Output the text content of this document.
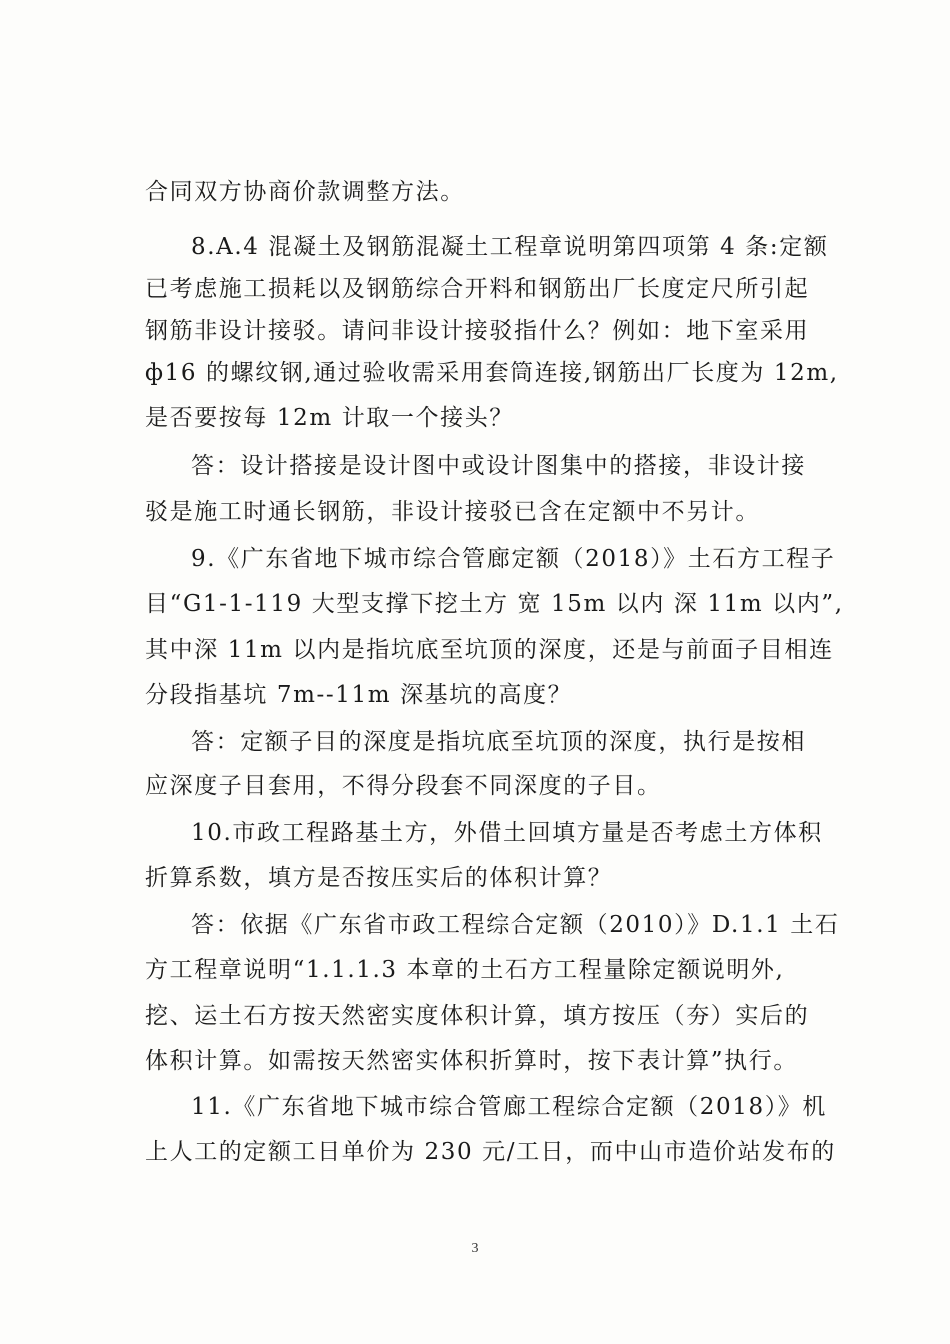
合同双方协商价款调整方法。
8.A.4 混凝土及钢筋混凝土工程章说明第四项第 4 条:定额
已考虑施工损耗以及钢筋综合开料和钢筋出厂长度定尺所引起
钢筋非设计接驳。请问非设计接驳指什么？例如：地下室采用
ф16 的螺纹钢,通过验收需采用套筒连接,钢筋出厂长度为 12m,
是否要按每 12m 计取一个接头？
答：设计搭接是设计图中或设计图集中的搭接，非设计接
驳是施工时通长钢筋，非设计接驳已含在定额中不另计。
9.《广东省地下城市综合管廊定额（2018）》土石方工程子
目“G1-1-119 大型支撑下挖土方 宽 15m 以内 深 11m 以内”,
其中深 11m 以内是指坑底至坑顶的深度，还是与前面子目相连
分段指基坑 7m--11m 深基坑的高度？
答：定额子目的深度是指坑底至坑顶的深度，执行是按相
应深度子目套用，不得分段套不同深度的子目。
10.市政工程路基土方，外借土回填方量是否考虑土方体积
折算系数，填方是否按压实后的体积计算？
答：依据《广东省市政工程综合定额（2010）》D.1.1 土石
方工程章说明“1.1.1.3 本章的土石方工程量除定额说明外,
挖、运土石方按天然密实度体积计算，填方按压（夯）实后的
体积计算。如需按天然密实体积折算时，按下表计算”执行。
11.《广东省地下城市综合管廊工程综合定额（2018）》机
上人工的定额工日单价为 230 元/工日，而中山市造价站发布的
3
